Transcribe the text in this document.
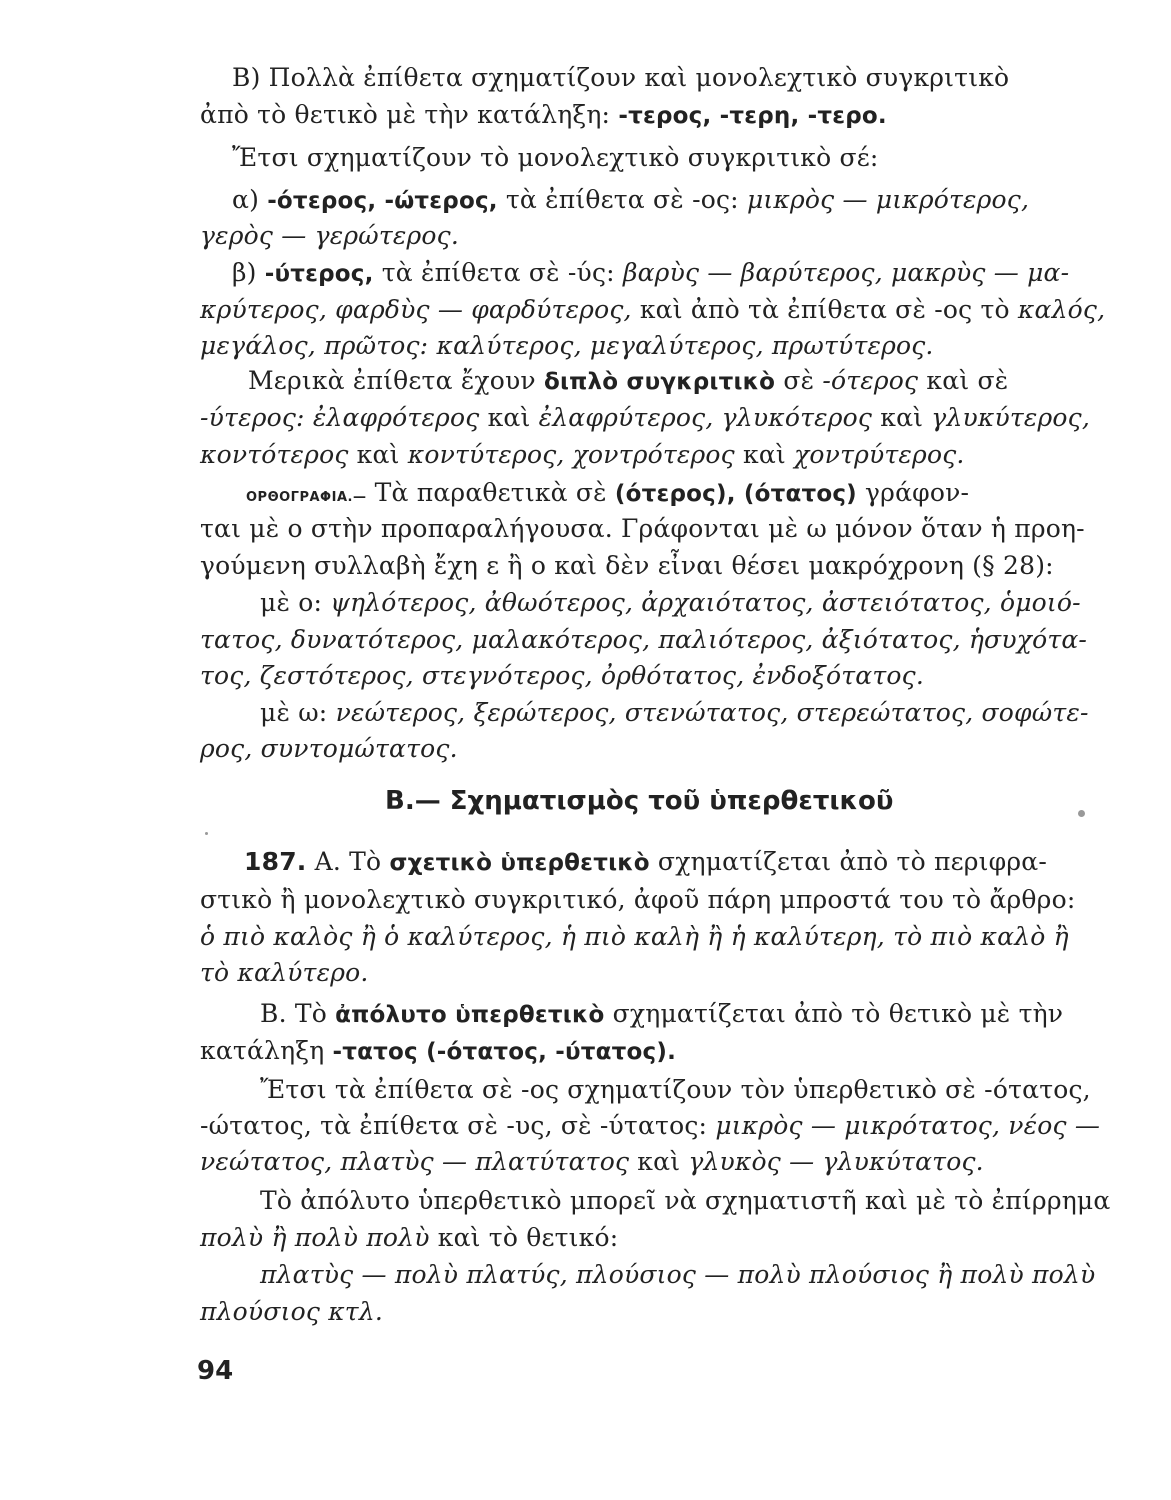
Β) Πολλὰ ἐπίθετα σχηματίζουν καὶ μονολεχτικὸ συγκριτικὸ
ἀπὸ τὸ θετικὸ μὲ τὴν κατάληξη: -τερος, -τερη, -τερο.
Ἔτσι σχηματίζουν τὸ μονολεχτικὸ συγκριτικὸ σέ:
α) -ότερος, -ώτερος, τὰ ἐπίθετα σὲ -ος: μικρὸς — μικρότερος,
γερὸς — γερώτερος.
β) -ύτερος, τὰ ἐπίθετα σὲ -ύς: βαρὺς — βαρύτερος, μακρὺς — μα-
κρύτερος, φαρδὺς — φαρδύτερος, καὶ ἀπὸ τὰ ἐπίθετα σὲ -ος τὸ καλός,
μεγάλος, πρῶτος: καλύτερος, μεγαλύτερος, πρωτύτερος.
Μερικὰ ἐπίθετα ἔχουν διπλὸ συγκριτικὸ σὲ -ότερος καὶ σὲ
-ύτερος: ἐλαφρότερος καὶ ἐλαφρύτερος, γλυκότερος καὶ γλυκύτερος,
κοντότερος καὶ κοντύτερος, χοντρότερος καὶ χοντρύτερος.
ΟΡΘΟΓΡΑΦΙΑ.— Τὰ παραθετικὰ σὲ (ότερος), (ότατος) γράφον-
ται μὲ ο στὴν προπαραλήγουσα. Γράφονται μὲ ω μόνον ὅταν ἡ προη-
γούμενη συλλαβὴ ἔχη ε ἢ ο καὶ δὲν εἶναι θέσει μακρόχρονη (§ 28):
μὲ ο: ψηλότερος, ἀθωότερος, ἀρχαιότατος, ἀστειότατος, ὁμοιό-
τατος, δυνατότερος, μαλακότερος, παλιότερος, ἀξιότατος, ἡσυχότα-
τος, ζεστότερος, στεγνότερος, ὀρθότατος, ἐνδοξότατος.
μὲ ω: νεώτερος, ξερώτερος, στενώτατος, στερεώτατος, σοφώτε-
ρος, συντομώτατος.
Β.— Σχηματισμὸς τοῦ ὑπερθετικοῦ
187. Α. Τὸ σχετικὸ ὑπερθετικὸ σχηματίζεται ἀπὸ τὸ περιφρα-
στικὸ ἢ μονολεχτικὸ συγκριτικό, ἀφοῦ πάρη μπροστά του τὸ ἄρθρο:
ὁ πιὸ καλὸς ἢ ὁ καλύτερος, ἡ πιὸ καλὴ ἢ ἡ καλύτερη, τὸ πιὸ καλὸ ἢ
τὸ καλύτερο.
Β. Τὸ ἀπόλυτο ὑπερθετικὸ σχηματίζεται ἀπὸ τὸ θετικὸ μὲ τὴν
κατάληξη -τατος (-ότατος, -ύτατος).
Ἔτσι τὰ ἐπίθετα σὲ -ος σχηματίζουν τὸν ὑπερθετικὸ σὲ -ότατος,
-ώτατος, τὰ ἐπίθετα σὲ -υς, σὲ -ύτατος: μικρὸς — μικρότατος, νέος —
νεώτατος, πλατὺς — πλατύτατος καὶ γλυκὸς — γλυκύτατος.
Τὸ ἀπόλυτο ὑπερθετικὸ μπορεῖ νὰ σχηματιστῆ καὶ μὲ τὸ ἐπίρρημα
πολὺ ἢ πολὺ πολὺ καὶ τὸ θετικό:
πλατὺς — πολὺ πλατύς, πλούσιος — πολὺ πλούσιος ἢ πολὺ πολὺ
πλούσιος κτλ.
94
